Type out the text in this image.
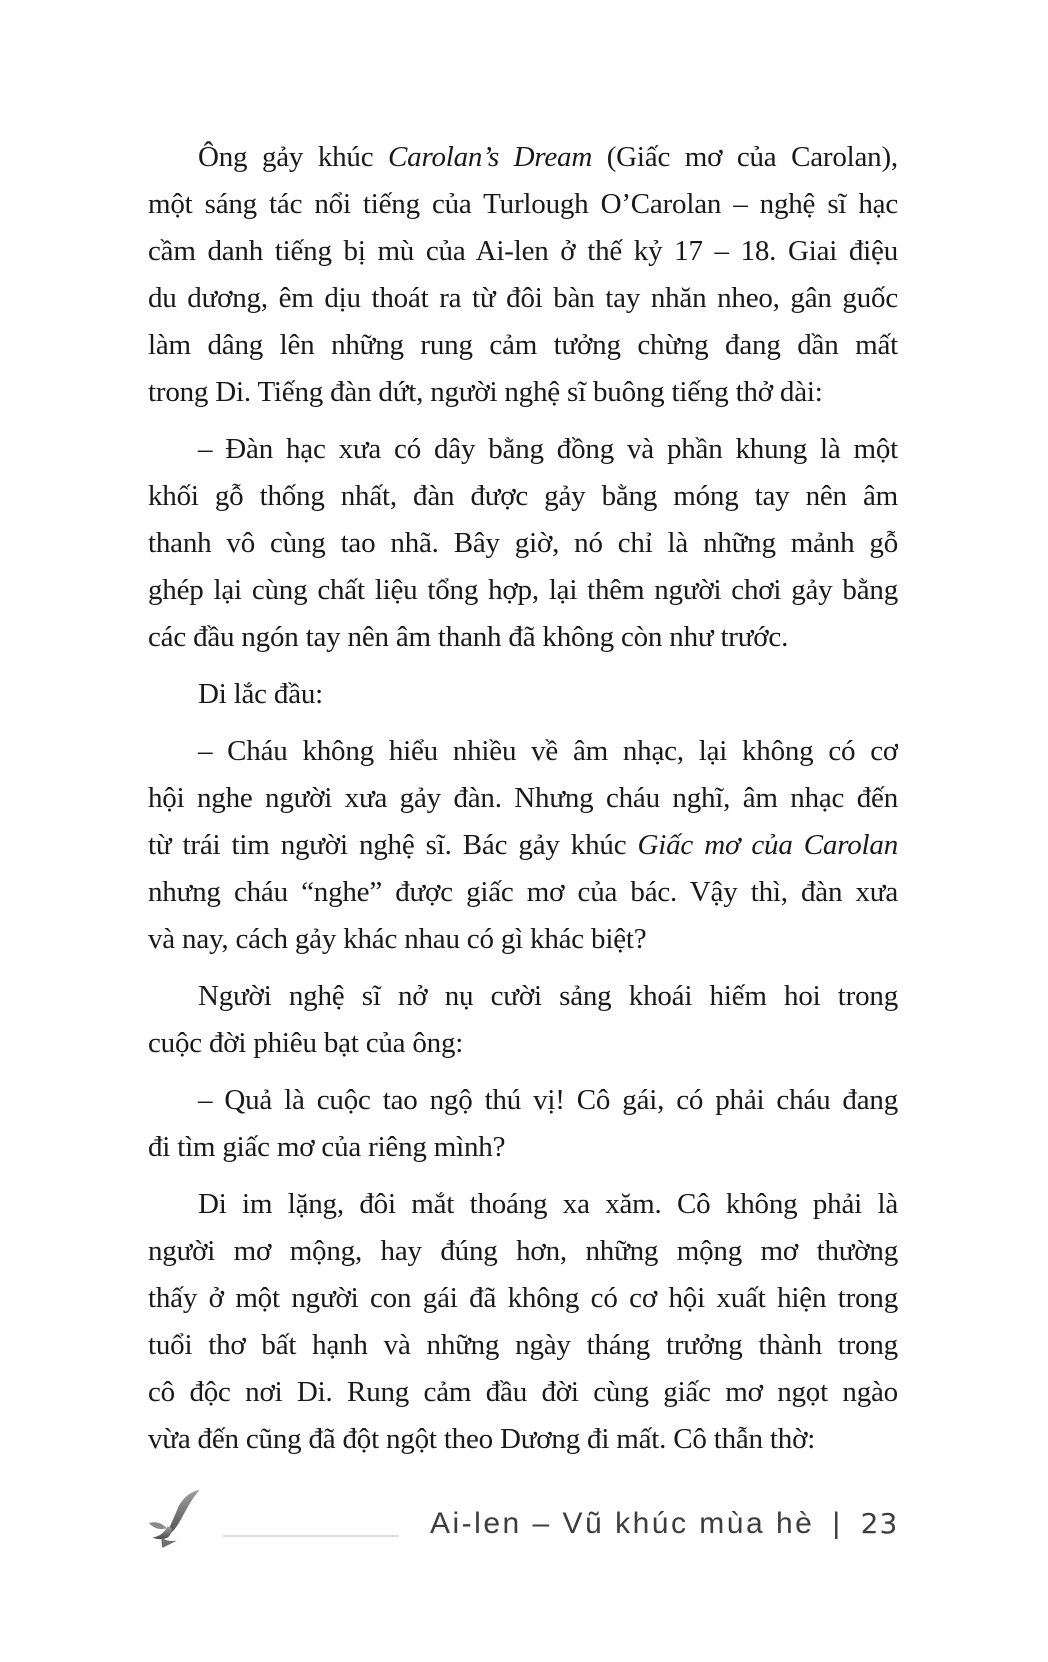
Ông gảy khúc Carolan’s Dream (Giấc mơ của Carolan),
một sáng tác nổi tiếng của Turlough O’Carolan – nghệ sĩ hạc
cầm danh tiếng bị mù của Ai-len ở thế kỷ 17 – 18. Giai điệu
du dương, êm dịu thoát ra từ đôi bàn tay nhăn nheo, gân guốc
làm dâng lên những rung cảm tưởng chừng đang dần mất
trong Di. Tiếng đàn dứt, người nghệ sĩ buông tiếng thở dài:
– Đàn hạc xưa có dây bằng đồng và phần khung là một
khối gỗ thống nhất, đàn được gảy bằng móng tay nên âm
thanh vô cùng tao nhã. Bây giờ, nó chỉ là những mảnh gỗ
ghép lại cùng chất liệu tổng hợp, lại thêm người chơi gảy bằng
các đầu ngón tay nên âm thanh đã không còn như trước.
Di lắc đầu:
– Cháu không hiểu nhiều về âm nhạc, lại không có cơ
hội nghe người xưa gảy đàn. Nhưng cháu nghĩ, âm nhạc đến
từ trái tim người nghệ sĩ. Bác gảy khúc Giấc mơ của Carolan
nhưng cháu “nghe” được giấc mơ của bác. Vậy thì, đàn xưa
và nay, cách gảy khác nhau có gì khác biệt?
Người nghệ sĩ nở nụ cười sảng khoái hiếm hoi trong
cuộc đời phiêu bạt của ông:
– Quả là cuộc tao ngộ thú vị! Cô gái, có phải cháu đang
đi tìm giấc mơ của riêng mình?
Di im lặng, đôi mắt thoáng xa xăm. Cô không phải là
người mơ mộng, hay đúng hơn, những mộng mơ thường
thấy ở một người con gái đã không có cơ hội xuất hiện trong
tuổi thơ bất hạnh và những ngày tháng trưởng thành trong
cô độc nơi Di. Rung cảm đầu đời cùng giấc mơ ngọt ngào
vừa đến cũng đã đột ngột theo Dương đi mất. Cô thẫn thờ:
Ai-len – Vũ khúc mùa hè | 23
